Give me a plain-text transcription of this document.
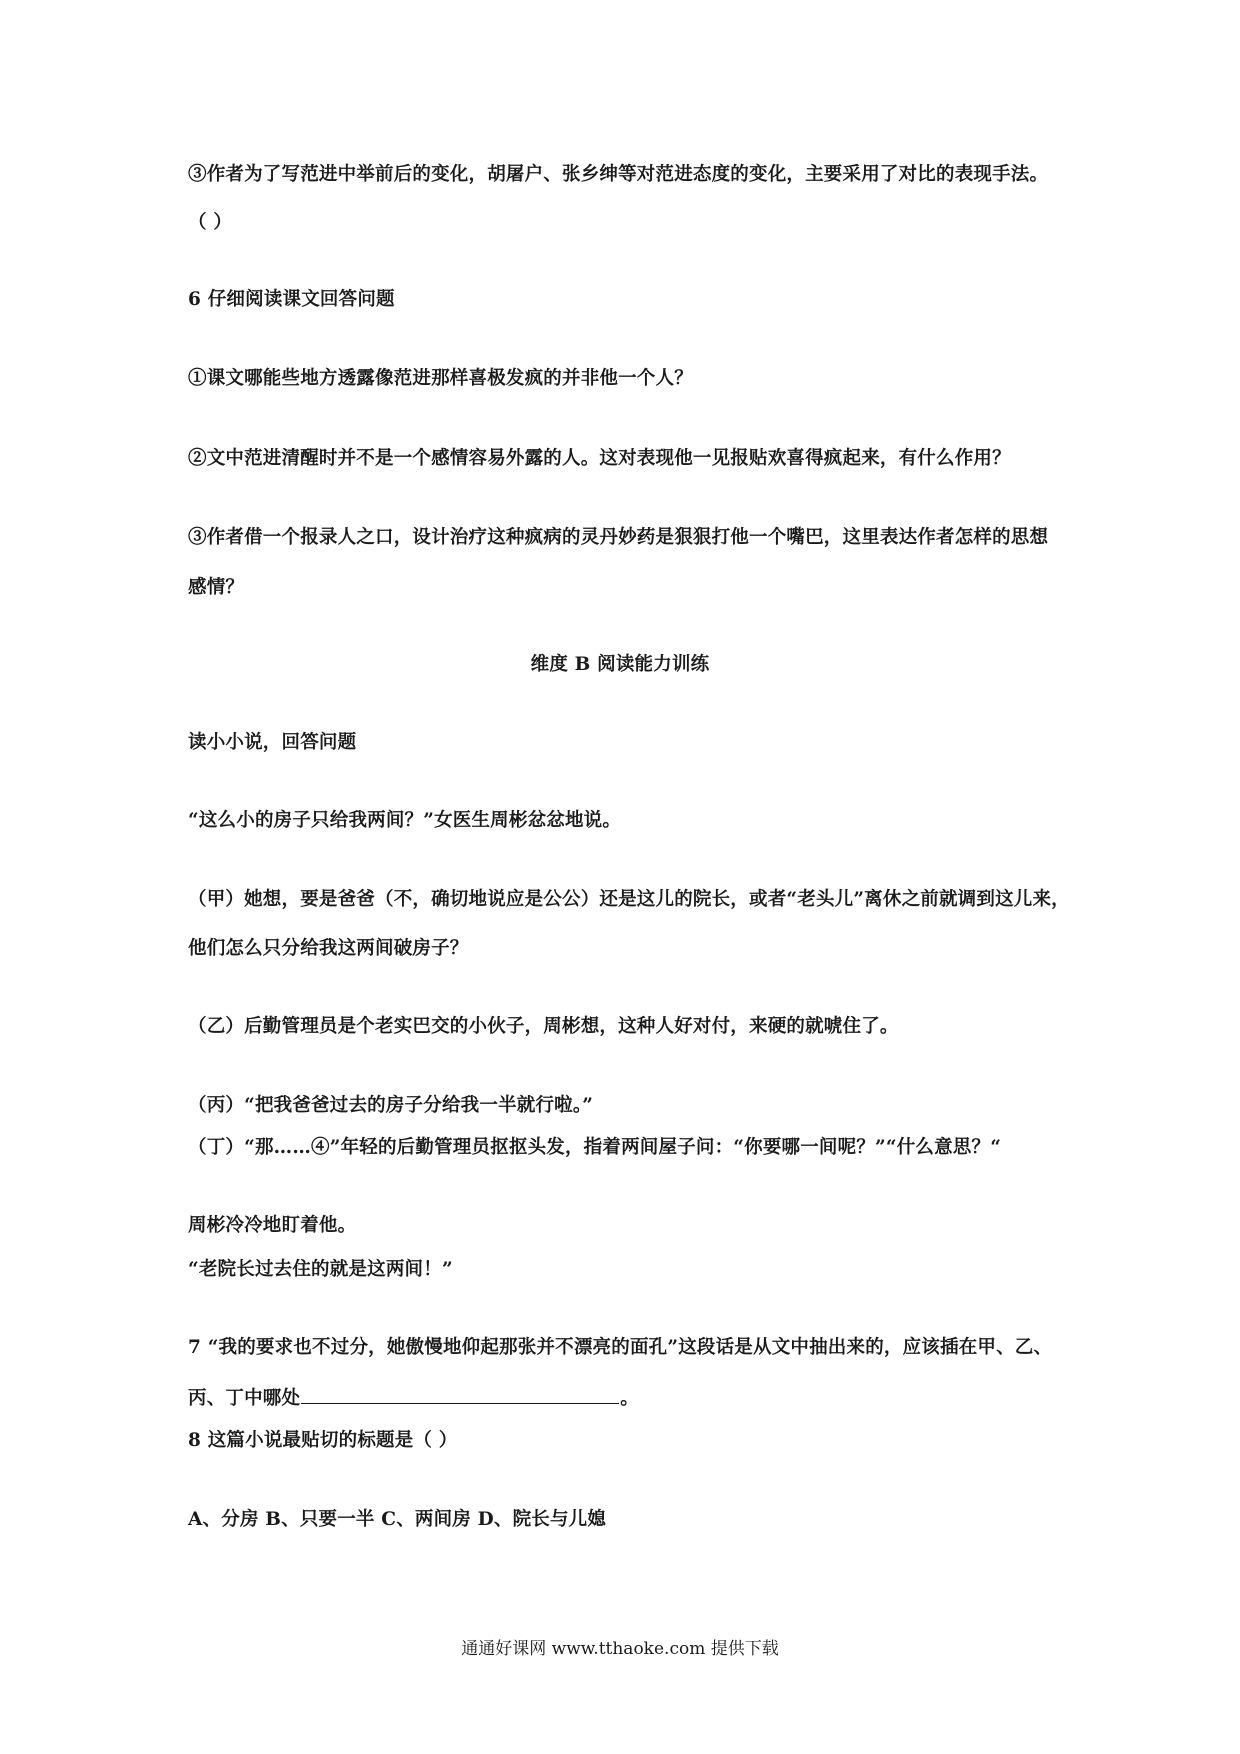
③作者为了写范进中举前后的变化，胡屠户、张乡绅等对范进态度的变化，主要采用了对比的表现手法。
（ ）
6 仔细阅读课文回答问题
①课文哪能些地方透露像范进那样喜极发疯的并非他一个人？
②文中范进清醒时并不是一个感情容易外露的人。这对表现他一见报贴欢喜得疯起来，有什么作用？
③作者借一个报录人之口，设计治疗这种疯病的灵丹妙药是狠狠打他一个嘴巴，这里表达作者怎样的思想
感情？
维度 B 阅读能力训练
读小小说，回答问题
“这么小的房子只给我两间？”女医生周彬忿忿地说。
（甲）她想，要是爸爸（不，确切地说应是公公）还是这儿的院长，或者“老头儿”离休之前就调到这儿来，
他们怎么只分给我这两间破房子？
（乙）后勤管理员是个老实巴交的小伙子，周彬想，这种人好对付，来硬的就唬住了。
（丙）“把我爸爸过去的房子分给我一半就行啦。”
（丁）“那……④”年轻的后勤管理员抠抠头发，指着两间屋子问：“你要哪一间呢？”“什么意思？“
周彬冷冷地盯着他。
“老院长过去住的就是这两间！”
7 “我的要求也不过分，她傲慢地仰起那张并不漂亮的面孔”这段话是从文中抽出来的，应该插在甲、乙、
丙、丁中哪处	。
8 这篇小说最贴切的标题是（ ）
A、分房 B、只要一半 C、两间房 D、院长与儿媳
通通好课网 www.tthaoke.com 提供下载
